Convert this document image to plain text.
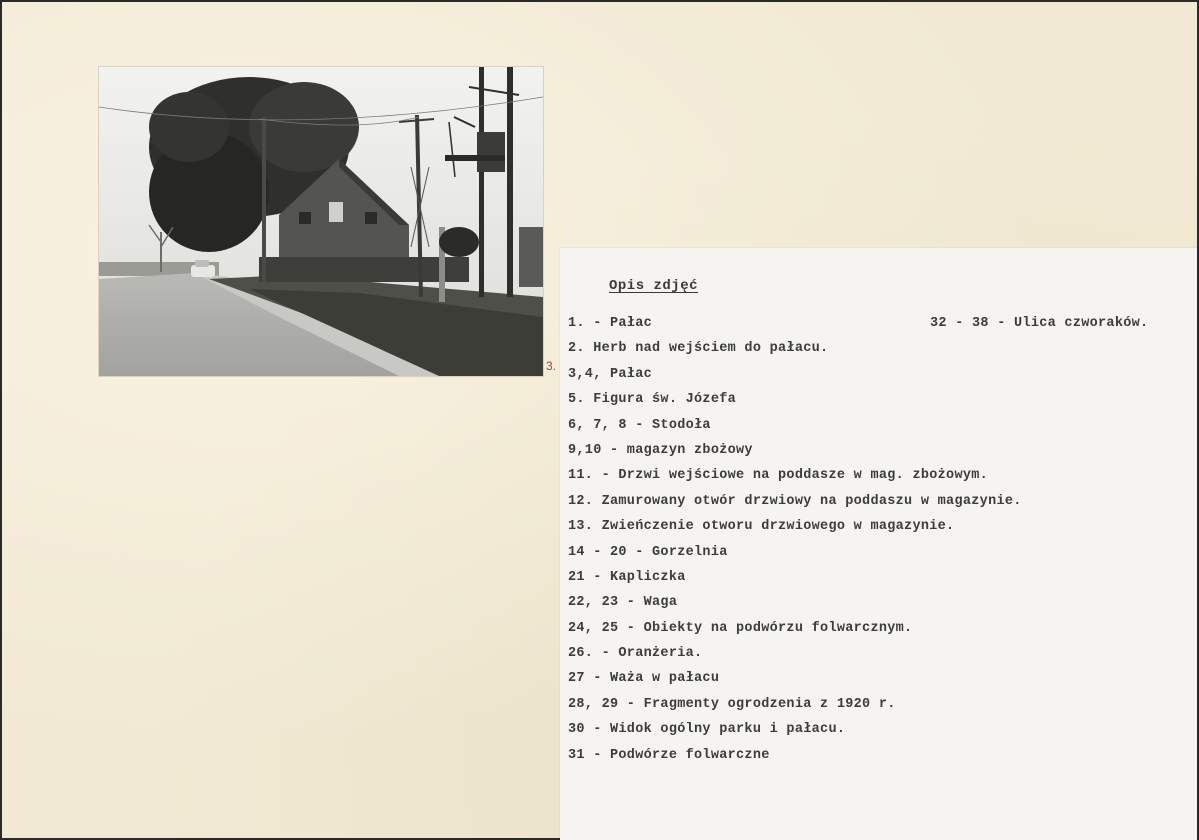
3.
Opis zdjęć
1. - Pałac
2. Herb nad wejściem do pałacu.
3,4, Pałac
5. Figura św. Józefa
6, 7, 8 - Stodoła
9,10 - magazyn zbożowy
11. - Drzwi wejściowe na poddasze w mag. zbożowym.
12. Zamurowany otwór drzwiowy na poddaszu w magazynie.
13. Zwieńczenie otworu drzwiowego w magazynie.
14 - 20 - Gorzelnia
21 - Kapliczka
22, 23 - Waga
24, 25 - Obiekty na podwórzu folwarcznym.
26. - Oranżeria.
27 - Waża w pałacu
28, 29 - Fragmenty ogrodzenia z 1920 r.
30 - Widok ogólny parku i pałacu.
31 - Podwórze folwarczne
32 - 38 - Ulica czworaków.
